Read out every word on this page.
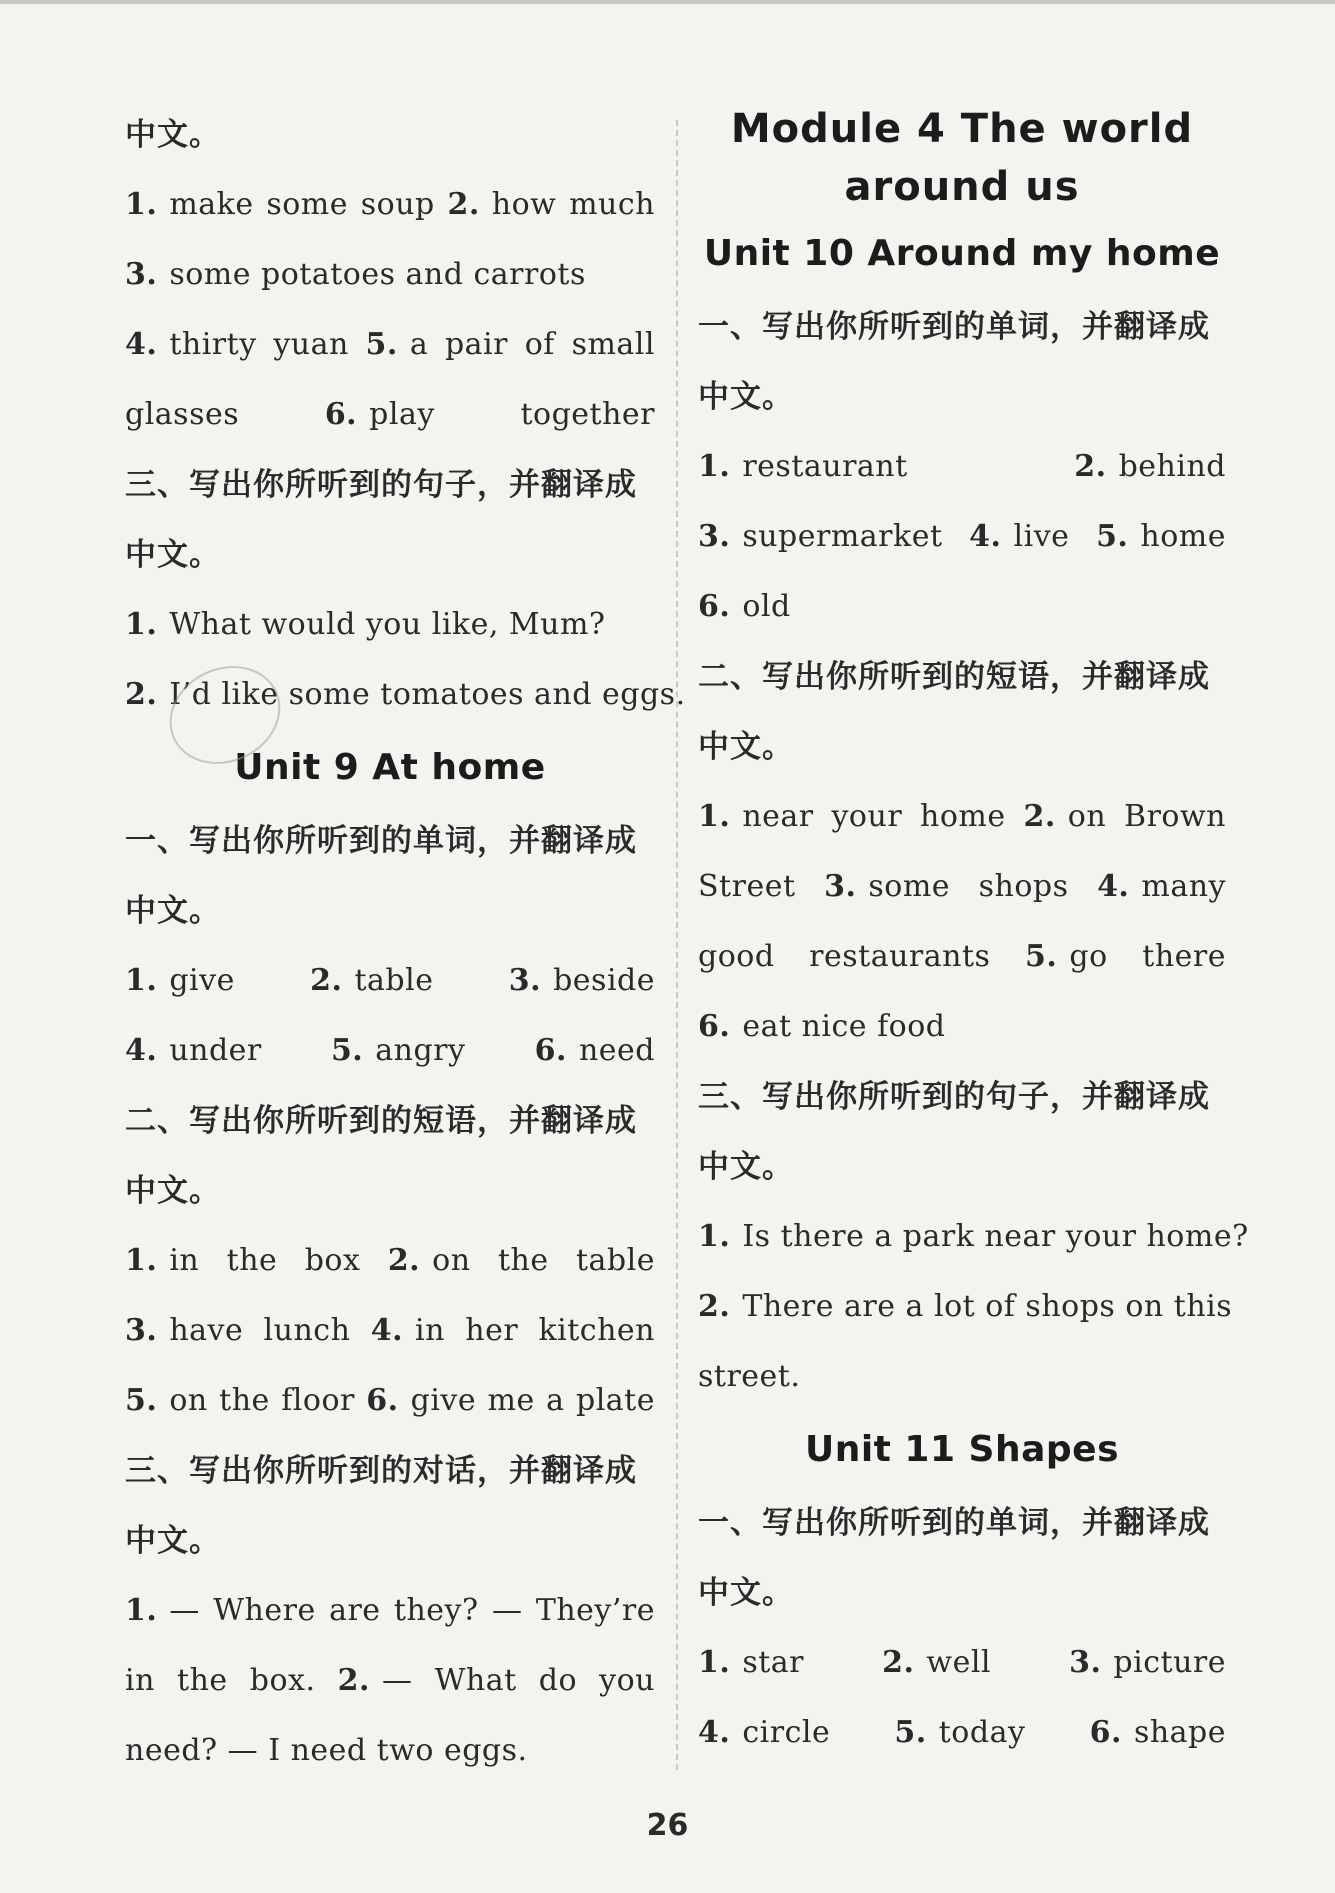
中文。
1. make some soup 2. how much
3. some potatoes and carrots
4. thirty yuan 5. a pair of small
glasses	6. play together
三、写出你所听到的句子，并翻译成
中文。
1. What would you like, Mum?
2. I’d like some tomatoes and eggs.
Unit 9 At home
一、写出你所听到的单词，并翻译成
中文。
1. give	2. table	3. beside
4. under 5. angry 6. need
二、写出你所听到的短语，并翻译成
中文。
1. in the box 2. on the table
3. have lunch 4. in her kitchen
5. on the floor 6. give me a plate
三、写出你所听到的对话，并翻译成
中文。
1. — Where are they? — They’re
in the box. 2. — What do you
need? — I need two eggs.
Module 4 The world
around us
Unit 10 Around my home
一、写出你所听到的单词，并翻译成
中文。
1. restaurant	2. behind
3. supermarket 4. live 5. home
6. old
二、写出你所听到的短语，并翻译成
中文。
1. near your home 2. on Brown
Street 3. some shops 4. many
good restaurants 5. go there
6. eat nice food
三、写出你所听到的句子，并翻译成
中文。
1. Is there a park near your home?
2. There are a lot of shops on this
street.
Unit 11 Shapes
一、写出你所听到的单词，并翻译成
中文。
1. star	2. well	3. picture
4. circle 5. today 6. shape
26
